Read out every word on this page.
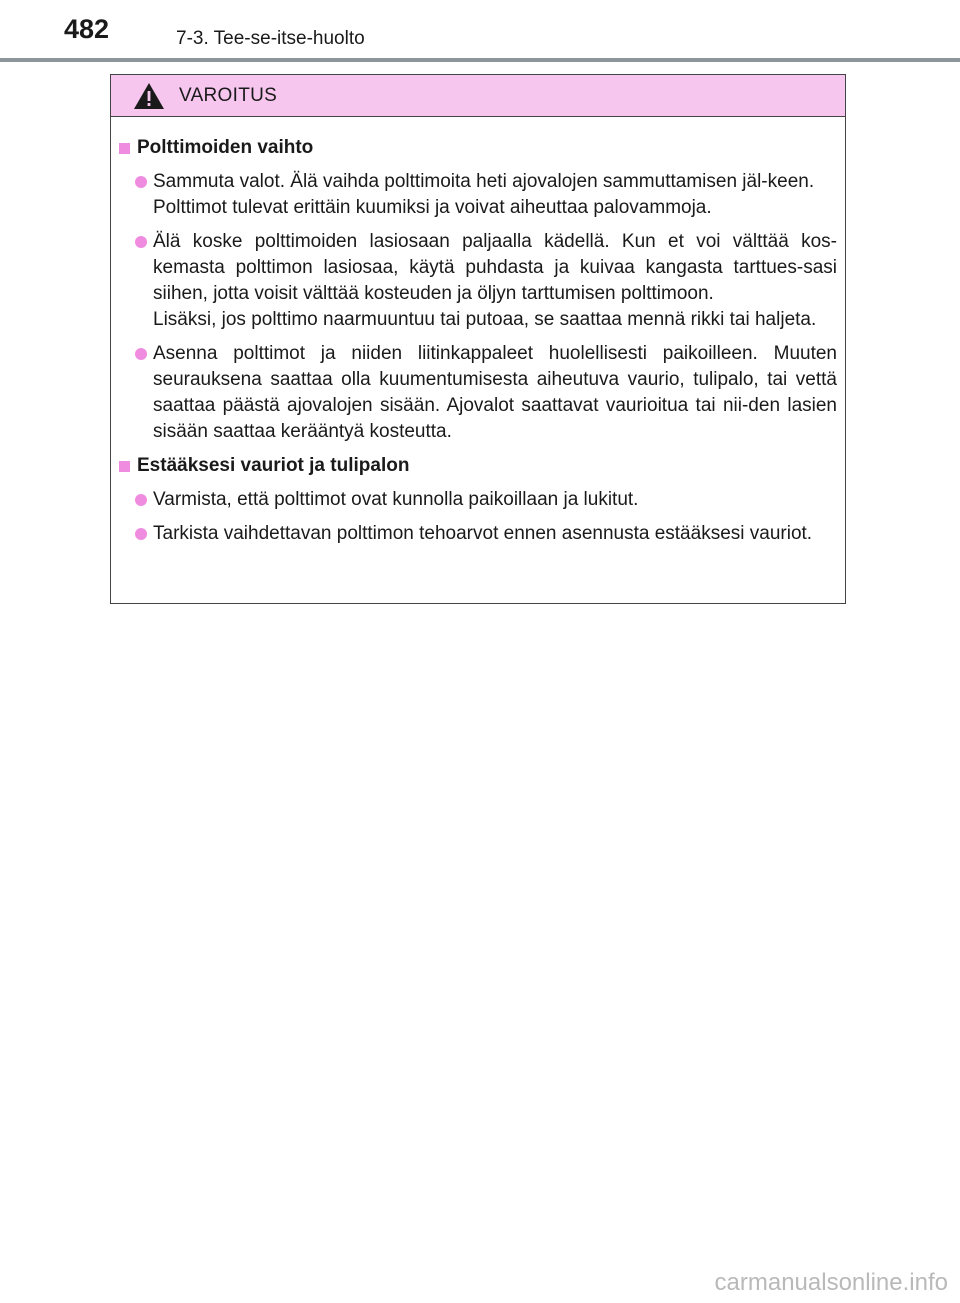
482	7-3. Tee-se-itse-huolto
VAROITUS
Polttimoiden vaihto
Sammuta valot. Älä vaihda polttimoita heti ajovalojen sammuttamisen jäl-keen.
Polttimot tulevat erittäin kuumiksi ja voivat aiheuttaa palovammoja.
Älä koske polttimoiden lasiosaan paljaalla kädellä. Kun et voi välttää kos-kemasta polttimon lasiosaa, käytä puhdasta ja kuivaa kangasta tarttues-sasi siihen, jotta voisit välttää kosteuden ja öljyn tarttumisen polttimoon.
Lisäksi, jos polttimo naarmuuntuu tai putoaa, se saattaa mennä rikki tai haljeta.
Asenna polttimot ja niiden liitinkappaleet huolellisesti paikoilleen. Muuten seurauksena saattaa olla kuumentumisesta aiheutuva vaurio, tulipalo, tai vettä saattaa päästä ajovalojen sisään. Ajovalot saattavat vaurioitua tai nii-den lasien sisään saattaa kerääntyä kosteutta.
Estääksesi vauriot ja tulipalon
Varmista, että polttimot ovat kunnolla paikoillaan ja lukitut.
Tarkista vaihdettavan polttimon tehoarvot ennen asennusta estääksesi vauriot.
carmanualsonline.info
